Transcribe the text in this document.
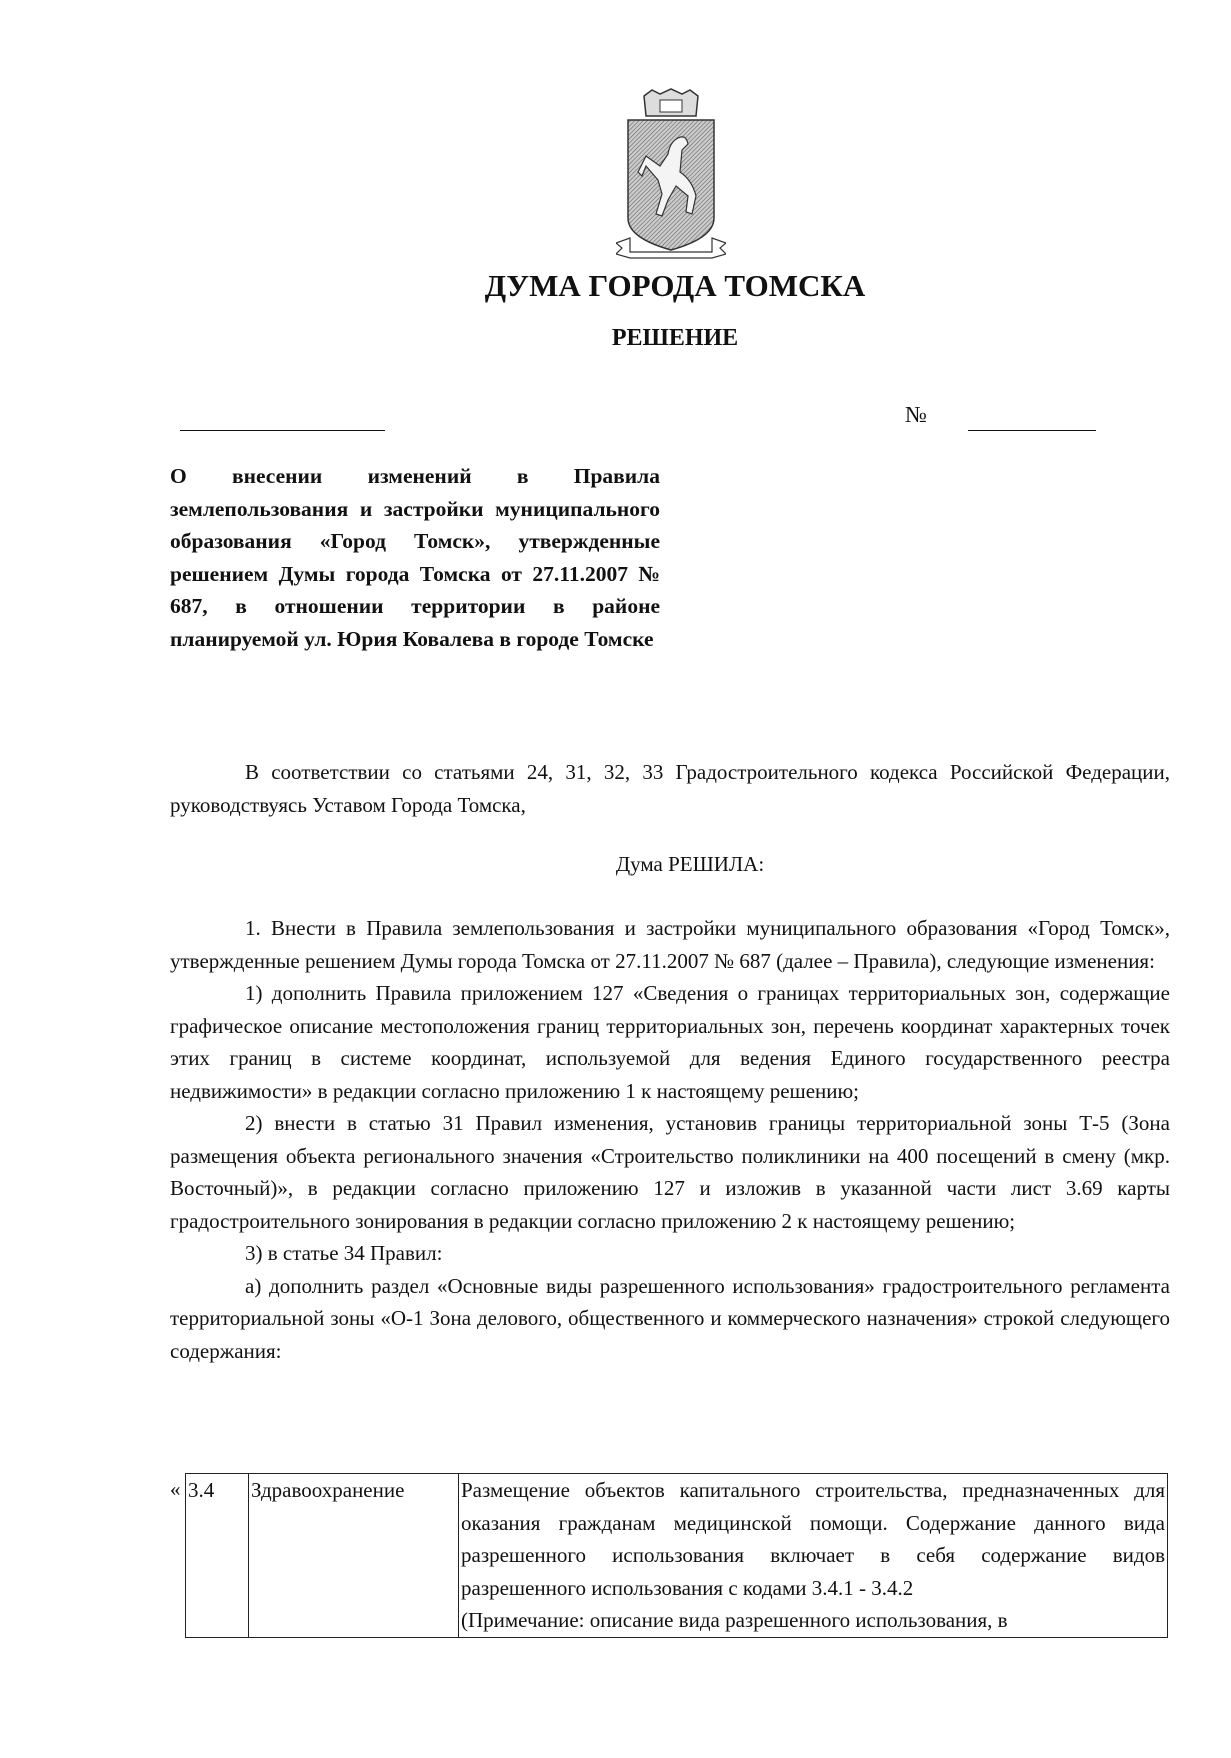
ДУМА ГОРОДА ТОМСКА
РЕШЕНИЕ
№
О внесении изменений в Правила землепользования и застройки муниципального образования «Город Томск», утвержденные решением Думы города Томска от 27.11.2007 № 687, в отношении территории в районе планируемой ул. Юрия Ковалева в городе Томске
В соответствии со статьями 24, 31, 32, 33 Градостроительного кодекса Российской Федерации, руководствуясь Уставом Города Томска,
Дума РЕШИЛА:

1. Внести в Правила землепользования и застройки муниципального образования «Город Томск», утвержденные решением Думы города Томска от 27.11.2007 № 687 (далее – Правила), следующие изменения:

1) дополнить Правила приложением 127 «Сведения о границах территориальных зон, содержащие графическое описание местоположения границ территориальных зон, перечень координат характерных точек этих границ в системе координат, используемой для ведения Единого государственного реестра недвижимости» в редакции согласно приложению 1 к настоящему решению;

2) внести в статью 31 Правил изменения, установив границы территориальной зоны Т-5 (Зона размещения объекта регионального значения «Строительство поликлиники на 400 посещений в смену (мкр. Восточный)», в редакции согласно приложению 127 и изложив в указанной части лист 3.69 карты градостроительного зонирования в редакции согласно приложению 2 к настоящему решению;

3) в статье 34 Правил:

а) дополнить раздел «Основные виды разрешенного использования» градостроительного регламента территориальной зоны «О-1 Зона делового, общественного и коммерческого назначения» строкой следующего содержания:

« 3.4	Здравоохранение	Размещение объектов капитального строительства, предназначенных для оказания гражданам медицинской помощи. Содержание данного вида разрешенного использования включает в себя содержание видов разрешенного использования с кодами 3.4.1 - 3.4.2
(Примечание: описание вида разрешенного использования, в
